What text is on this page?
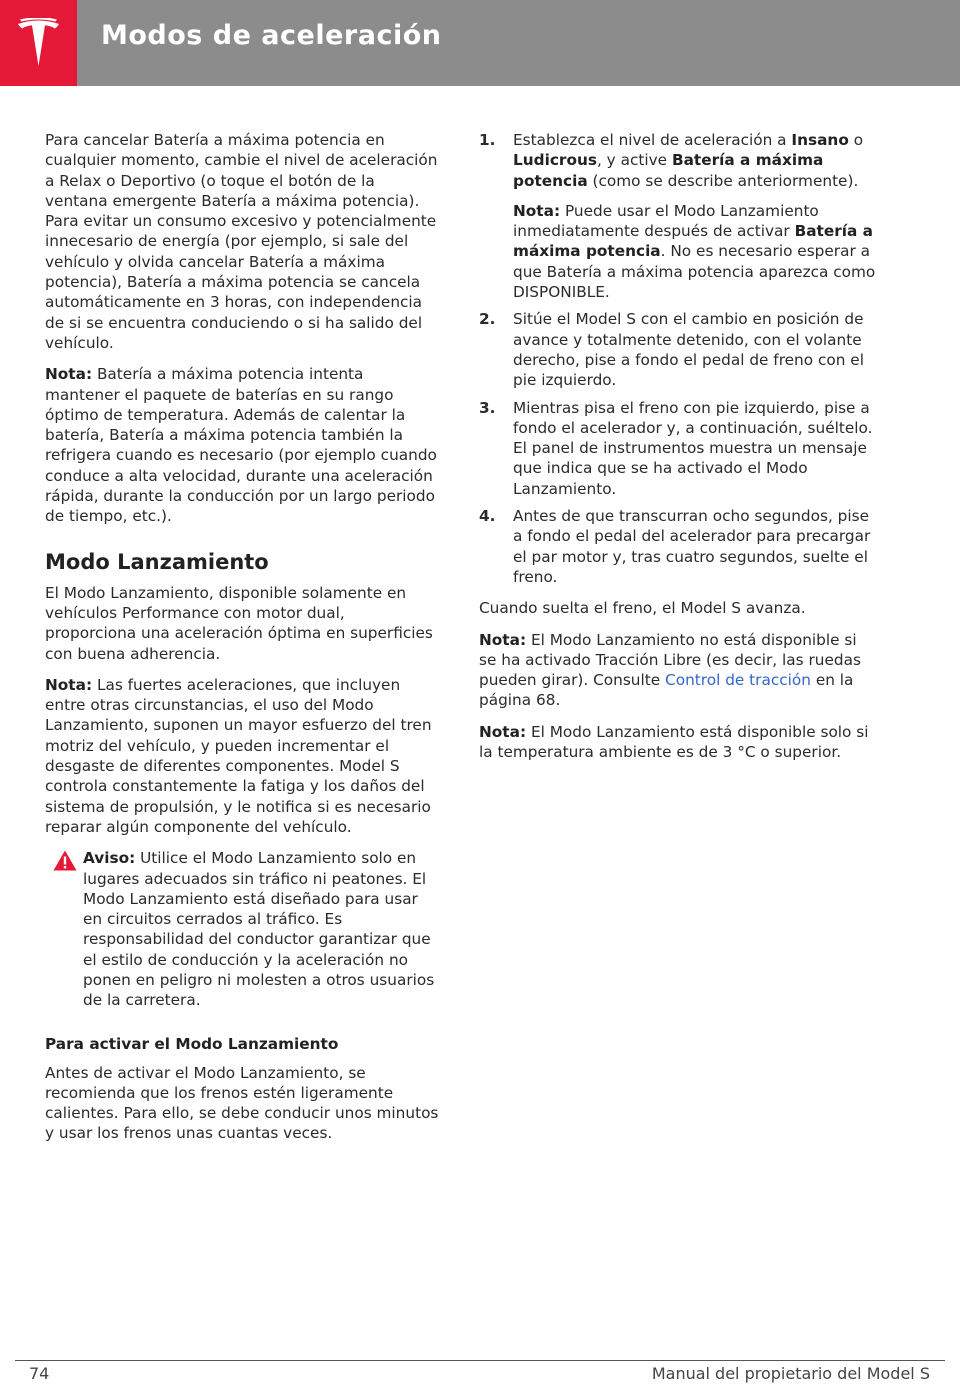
Modos de aceleración

Para cancelar Batería a máxima potencia en cualquier momento, cambie el nivel de aceleración a Relax o Deportivo (o toque el botón de la ventana emergente Batería a máxima potencia). Para evitar un consumo excesivo y potencialmente innecesario de energía (por ejemplo, si sale del vehículo y olvida cancelar Batería a máxima potencia), Batería a máxima potencia se cancela automáticamente en 3 horas, con independencia de si se encuentra conduciendo o si ha salido del vehículo.

Nota: Batería a máxima potencia intenta mantener el paquete de baterías en su rango óptimo de temperatura. Además de calentar la batería, Batería a máxima potencia también la refrigera cuando es necesario (por ejemplo cuando conduce a alta velocidad, durante una aceleración rápida, durante la conducción por un largo periodo de tiempo, etc.).

Modo Lanzamiento

El Modo Lanzamiento, disponible solamente en vehículos Performance con motor dual, proporciona una aceleración óptima en superficies con buena adherencia.

Nota: Las fuertes aceleraciones, que incluyen entre otras circunstancias, el uso del Modo Lanzamiento, suponen un mayor esfuerzo del tren motriz del vehículo, y pueden incrementar el desgaste de diferentes componentes. Model S controla constantemente la fatiga y los daños del sistema de propulsión, y le notifica si es necesario reparar algún componente del vehículo.

Aviso: Utilice el Modo Lanzamiento solo en lugares adecuados sin tráfico ni peatones. El Modo Lanzamiento está diseñado para usar en circuitos cerrados al tráfico. Es responsabilidad del conductor garantizar que el estilo de conducción y la aceleración no ponen en peligro ni molesten a otros usuarios de la carretera.
Para activar el Modo Lanzamiento

Antes de activar el Modo Lanzamiento, se recomienda que los frenos estén ligeramente calientes. Para ello, se debe conducir unos minutos y usar los frenos unas cuantas veces.

1. Establezca el nivel de aceleración a Insano o Ludicrous, y active Batería a máxima potencia (como se describe anteriormente).

Nota: Puede usar el Modo Lanzamiento inmediatamente después de activar Batería a máxima potencia. No es necesario esperar a que Batería a máxima potencia aparezca como DISPONIBLE.

2. Sitúe el Model S con el cambio en posición de avance y totalmente detenido, con el volante derecho, pise a fondo el pedal de freno con el pie izquierdo.

3. Mientras pisa el freno con pie izquierdo, pise a fondo el acelerador y, a continuación, suéltelo. El panel de instrumentos muestra un mensaje que indica que se ha activado el Modo Lanzamiento.

4. Antes de que transcurran ocho segundos, pise a fondo el pedal del acelerador para precargar el par motor y, tras cuatro segundos, suelte el freno.

Cuando suelta el freno, el Model S avanza.

Nota: El Modo Lanzamiento no está disponible si se ha activado Tracción Libre (es decir, las ruedas pueden girar). Consulte Control de tracción en la página 68.

Nota: El Modo Lanzamiento está disponible solo si la temperatura ambiente es de 3 °C o superior.

74	Manual del propietario del Model S
